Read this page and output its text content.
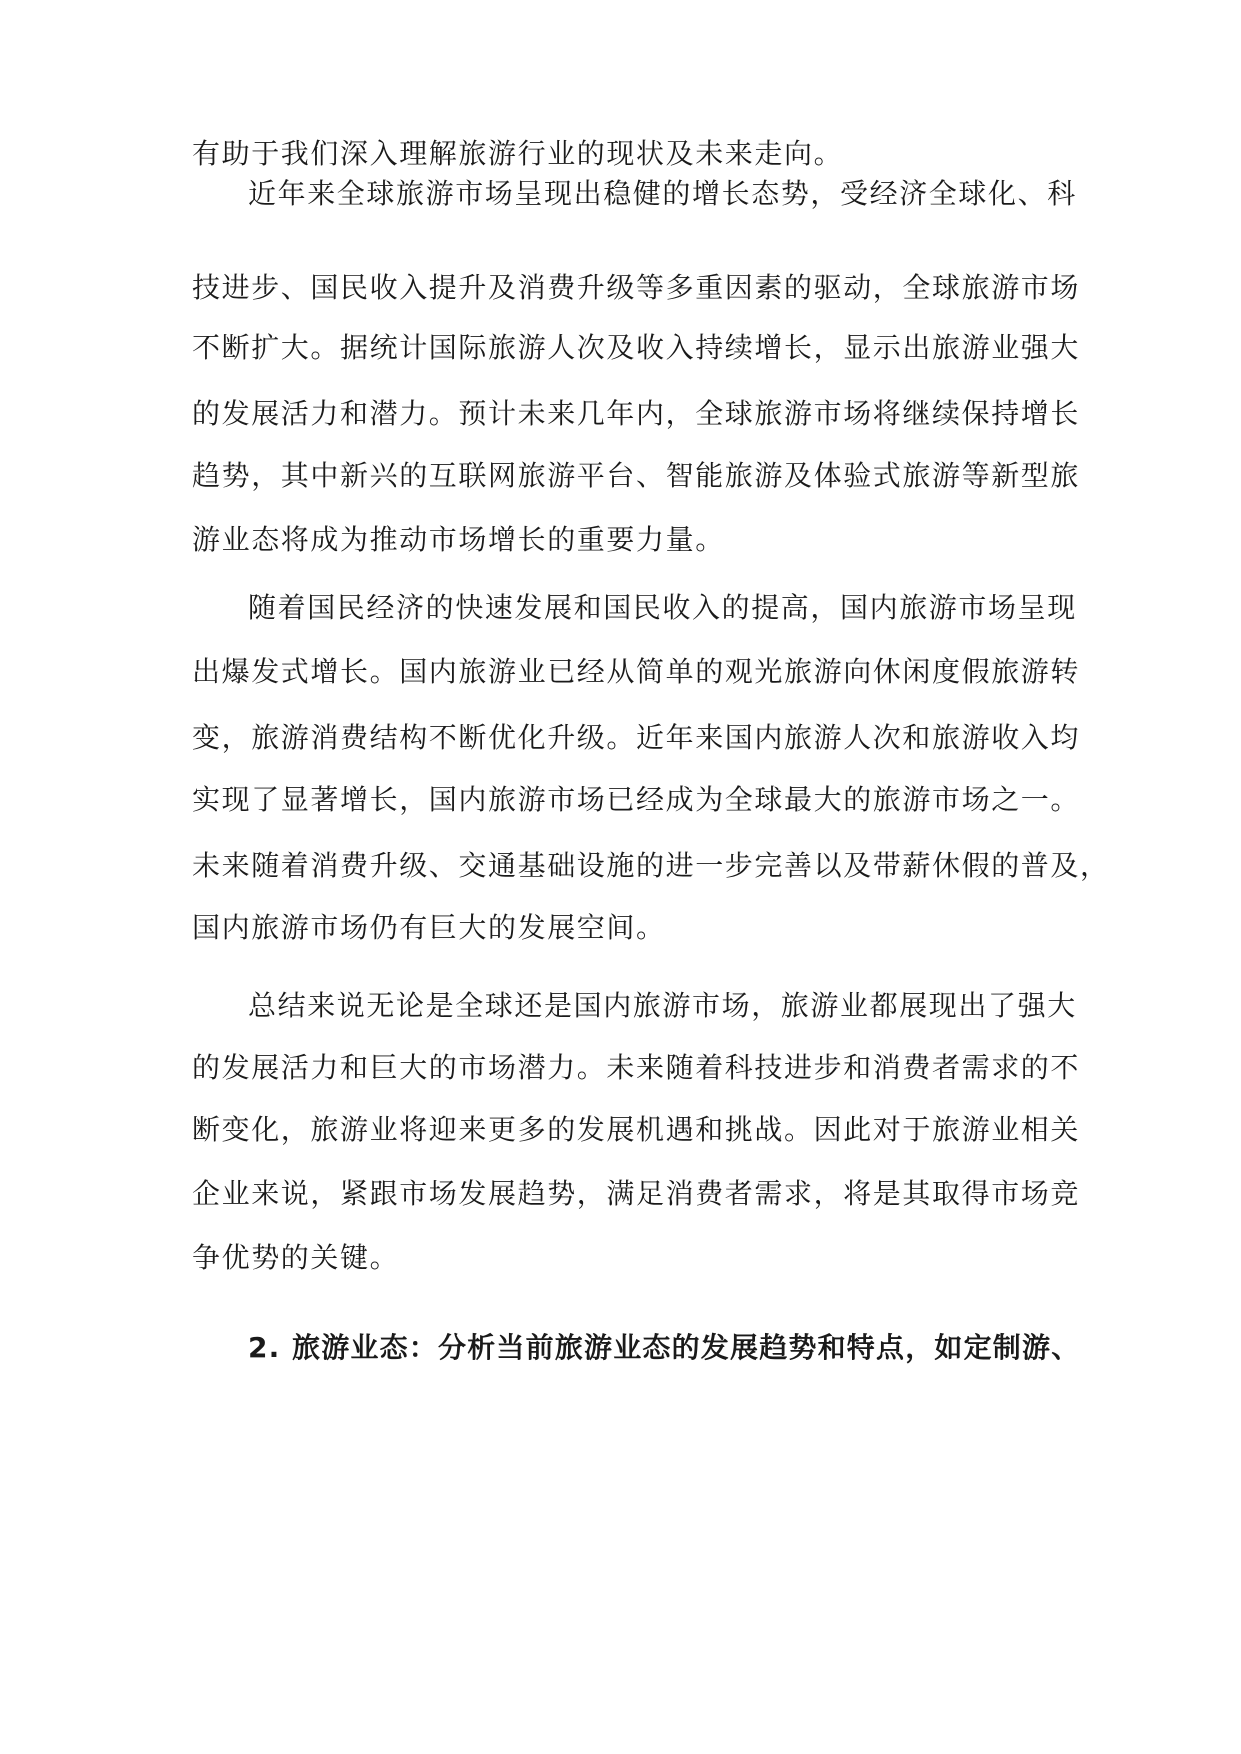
有助于我们深入理解旅游行业的现状及未来走向。

近年来全球旅游市场呈现出稳健的增长态势，受经济全球化、科

技进步、国民收入提升及消费升级等多重因素的驱动，全球旅游市场

不断扩大。据统计国际旅游人次及收入持续增长，显示出旅游业强大

的发展活力和潜力。预计未来几年内，全球旅游市场将继续保持增长

趋势，其中新兴的互联网旅游平台、智能旅游及体验式旅游等新型旅

游业态将成为推动市场增长的重要力量。

随着国民经济的快速发展和国民收入的提高，国内旅游市场呈现

出爆发式增长。国内旅游业已经从简单的观光旅游向休闲度假旅游转

变，旅游消费结构不断优化升级。近年来国内旅游人次和旅游收入均

实现了显著增长，国内旅游市场已经成为全球最大的旅游市场之一。

未来随着消费升级、交通基础设施的进一步完善以及带薪休假的普及，

国内旅游市场仍有巨大的发展空间。

总结来说无论是全球还是国内旅游市场，旅游业都展现出了强大

的发展活力和巨大的市场潜力。未来随着科技进步和消费者需求的不

断变化，旅游业将迎来更多的发展机遇和挑战。因此对于旅游业相关

企业来说，紧跟市场发展趋势，满足消费者需求，将是其取得市场竞

争优势的关键。

2. 旅游业态：分析当前旅游业态的发展趋势和特点，如定制游、
